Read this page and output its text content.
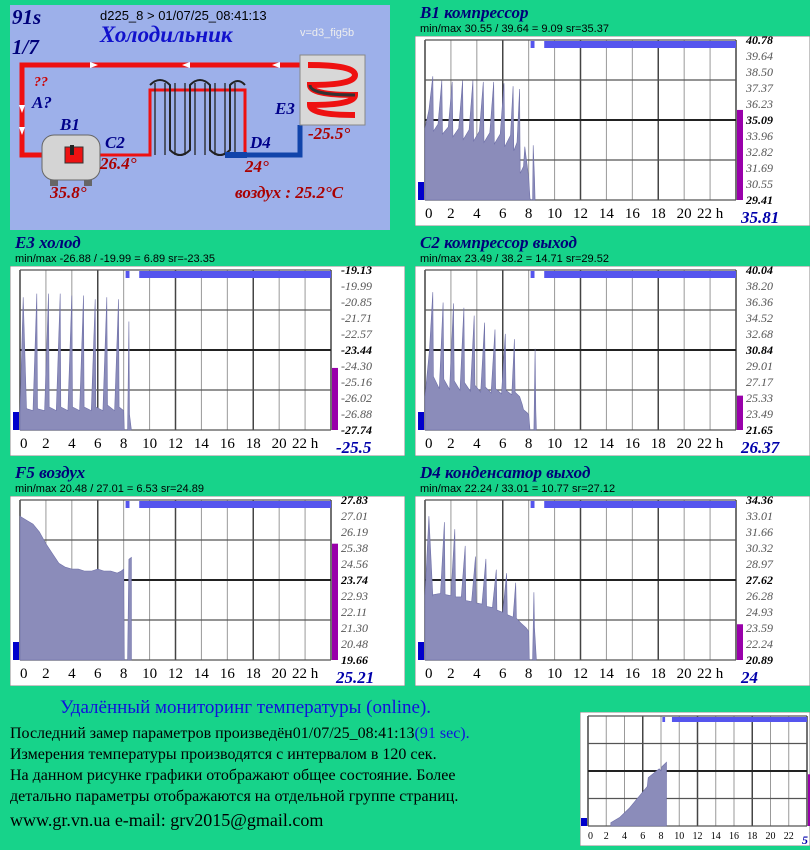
91s
1/7
d225_8 > 01/07/25_08:41:13
Холодильник	v=d3_fig5b
??
A?
B1
35.8°
C2
26.4°
D4
24°
E3
-25.5°
воздух : 25.2°C
B1 компрессор
min/max 30.55 / 39.64 = 9.09 sr=35.37
E3 холод
min/max -26.88 / -19.99 = 6.89 sr=-23.35
C2 компрессор выход
min/max 23.49 / 38.2 = 14.71 sr=29.52
F5 воздух
min/max 20.48 / 27.01 = 6.53 sr=24.89
D4 конденсатор выход
min/max 22.24 / 33.01 = 10.77 sr=27.12
40.78
39.64
38.50
37.37
36.23
35.09
33.96
32.82
31.69
30.55
29.41
0 2 4 6 8 10 12 14 16 18 20 22 h 35.81
-19.13
-19.99
-20.85
-21.71
-22.57
-23.44
-24.30
-25.16
-26.02
-26.88
-27.74
0 2 4 6 8 10 12 14 16 18 20 22 h -25.5
40.04
38.20
36.36
34.52
32.68
30.84
29.01
27.17
25.33
23.49
21.65
0 2 4 6 8 10 12 14 16 18 20 22 h 26.37
27.83
27.01
26.19
25.38
24.56
23.74
22.93
22.11
21.30
20.48
19.66
0 2 4 6 8 10 12 14 16 18 20 22 h 25.21
34.36
33.01
31.66
30.32
28.97
27.62
26.28
24.93
23.59
22.24
20.89
0 2 4 6 8 10 12 14 16 18 20 22 h 24
0 2 4 6 8 10 12 14 16 18 20 22 5
Удалённый мониторинг температуры (online).
Последний замер параметров произведён01/07/25_08:41:13(91 sec).
Измерения температуры производятся с интервалом в 120 сек.
На данном рисунке графики отображают общее состояние. Более
детально параметры отображаются на отдельной группе страниц.
www.gr.vn.ua e-mail: grv2015@gmail.com
